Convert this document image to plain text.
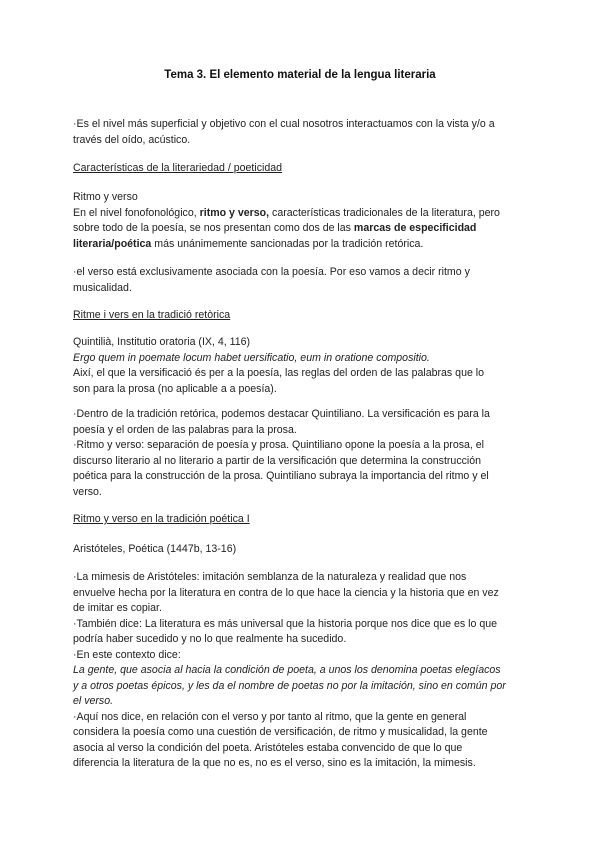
Tema 3. El elemento material de la lengua literaria
·Es el nivel más superficial y objetivo con el cual nosotros interactuamos con la vista y/o a
través del oído, acústico.
Características de la literariedad / poeticidad
Ritmo y verso
En el nivel fonofonológico, ritmo y verso, características tradicionales de la literatura, pero
sobre todo de la poesía, se nos presentan como dos de las marcas de especificidad
literaria/poética más unánimemente sancionadas por la tradición retórica.
·el verso está exclusivamente asociada con la poesía. Por eso vamos a decir ritmo y
musicalidad.
Ritme i vers en la tradició retòrica
Quintilià, Institutio oratoria (IX, 4, 116)
Ergo quem in poemate locum habet uersificatio, eum in oratione compositio.
Així, el que la versificació és per a la poesía, las reglas del orden de las palabras que lo
son para la prosa (no aplicable a a poesía).
·Dentro de la tradición retórica, podemos destacar Quintiliano. La versificación es para la
poesía y el orden de las palabras para la prosa.
·Ritmo y verso: separación de poesía y prosa. Quintiliano opone la poesía a la prosa, el
discurso literario al no literario a partir de la versificación que determina la construcción
poética para la construcción de la prosa. Quintiliano subraya la importancia del ritmo y el
verso.
Ritmo y verso en la tradición poética I
Aristóteles, Poética (1447b, 13-16)
·La mimesis de Aristóteles: imitación semblanza de la naturaleza y realidad que nos
envuelve hecha por la literatura en contra de lo que hace la ciencia y la historia que en vez
de imitar es copiar.
·También dice: La literatura es más universal que la historia porque nos dice que es lo que
podría haber sucedido y no lo que realmente ha sucedido.
·En este contexto dice:
La gente, que asocia al hacia la condición de poeta, a unos los denomina poetas elegíacos
y a otros poetas épicos, y les da el nombre de poetas no por la imitación, sino en común por
el verso.
·Aquí nos dice, en relación con el verso y por tanto al ritmo, que la gente en general
considera la poesía como una cuestión de versificación, de ritmo y musicalidad, la gente
asocia al verso la condición del poeta. Aristóteles estaba convencido de que lo que
diferencia la literatura de la que no es, no es el verso, sino es la imitación, la mimesis.
